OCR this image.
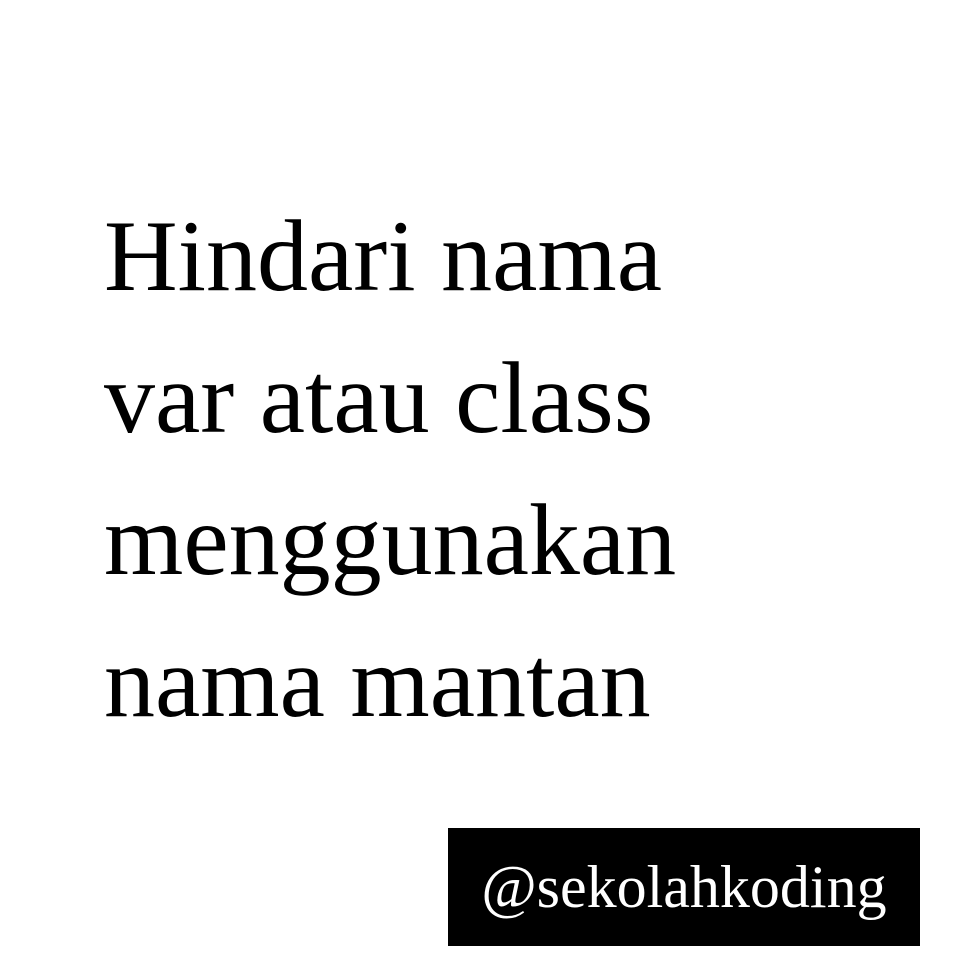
Hindari nama
var atau class
menggunakan
nama mantan
@sekolahkoding
